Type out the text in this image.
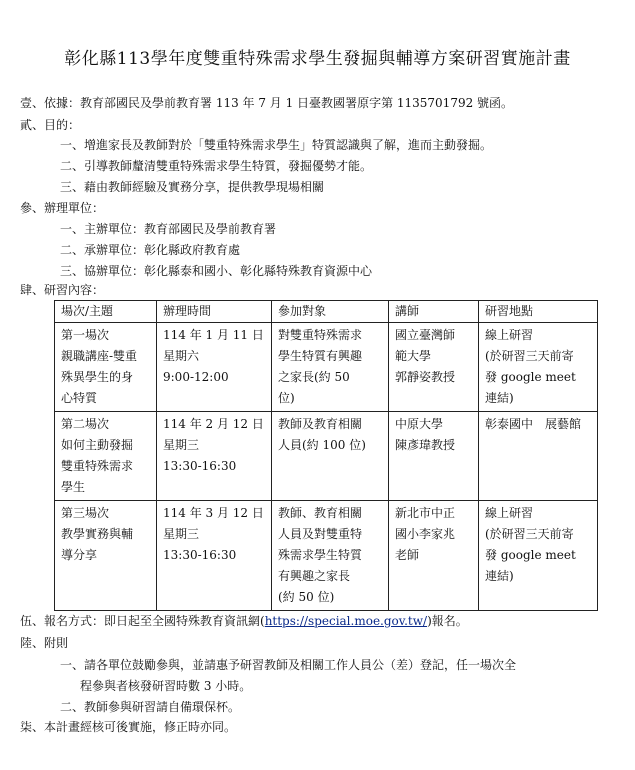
彰化縣113學年度雙重特殊需求學生發掘與輔導方案研習實施計畫
壹、依據：教育部國民及學前教育署 113 年 7 月 1 日臺教國署原字第 1135701792 號函。
貳、目的：
一、增進家長及教師對於「雙重特殊需求學生」特質認識與了解，進而主動發掘。
二、引導教師釐清雙重特殊需求學生特質，發掘優勢才能。
三、藉由教師經驗及實務分享，提供教學現場相關
參、辦理單位：
一、主辦單位：教育部國民及學前教育署
二、承辦單位：彰化縣政府教育處
三、協辦單位：彰化縣泰和國小、彰化縣特殊教育資源中心
肆、研習內容：
場次/主題	辦理時間	參加對象	講師	研習地點

第一場次
親職講座-雙重
殊異學生的身
心特質	114 年 1 月 11 日
星期六
9:00-12:00	對雙重特殊需求
學生特質有興趣
之家長(約 50
位)	國立臺灣師
範大學
郭靜姿教授	線上研習
(於研習三天前寄
發 google meet
連結)

第二場次
如何主動發掘
雙重特殊需求
學生	114 年 2 月 12 日
星期三
13:30-16:30	教師及教育相關
人員(約 100 位)	中原大學
陳彥瑋教授	彰泰國中　展藝館

第三場次
教學實務與輔
導分享	114 年 3 月 12 日
星期三
13:30-16:30	教師、教育相關
人員及對雙重特
殊需求學生特質
有興趣之家長
(約 50 位)	新北市中正
國小李家兆
老師	線上研習
(於研習三天前寄
發 google meet
連結)
伍、報名方式：即日起至全國特殊教育資訊網(https://special.moe.gov.tw/)報名。
陸、附則
一、請各單位鼓勵參與，並請惠予研習教師及相關工作人員公（差）登記，任一場次全
程參與者核發研習時數 3 小時。
二、教師參與研習請自備環保杯。
柒、本計畫經核可後實施，修正時亦同。
